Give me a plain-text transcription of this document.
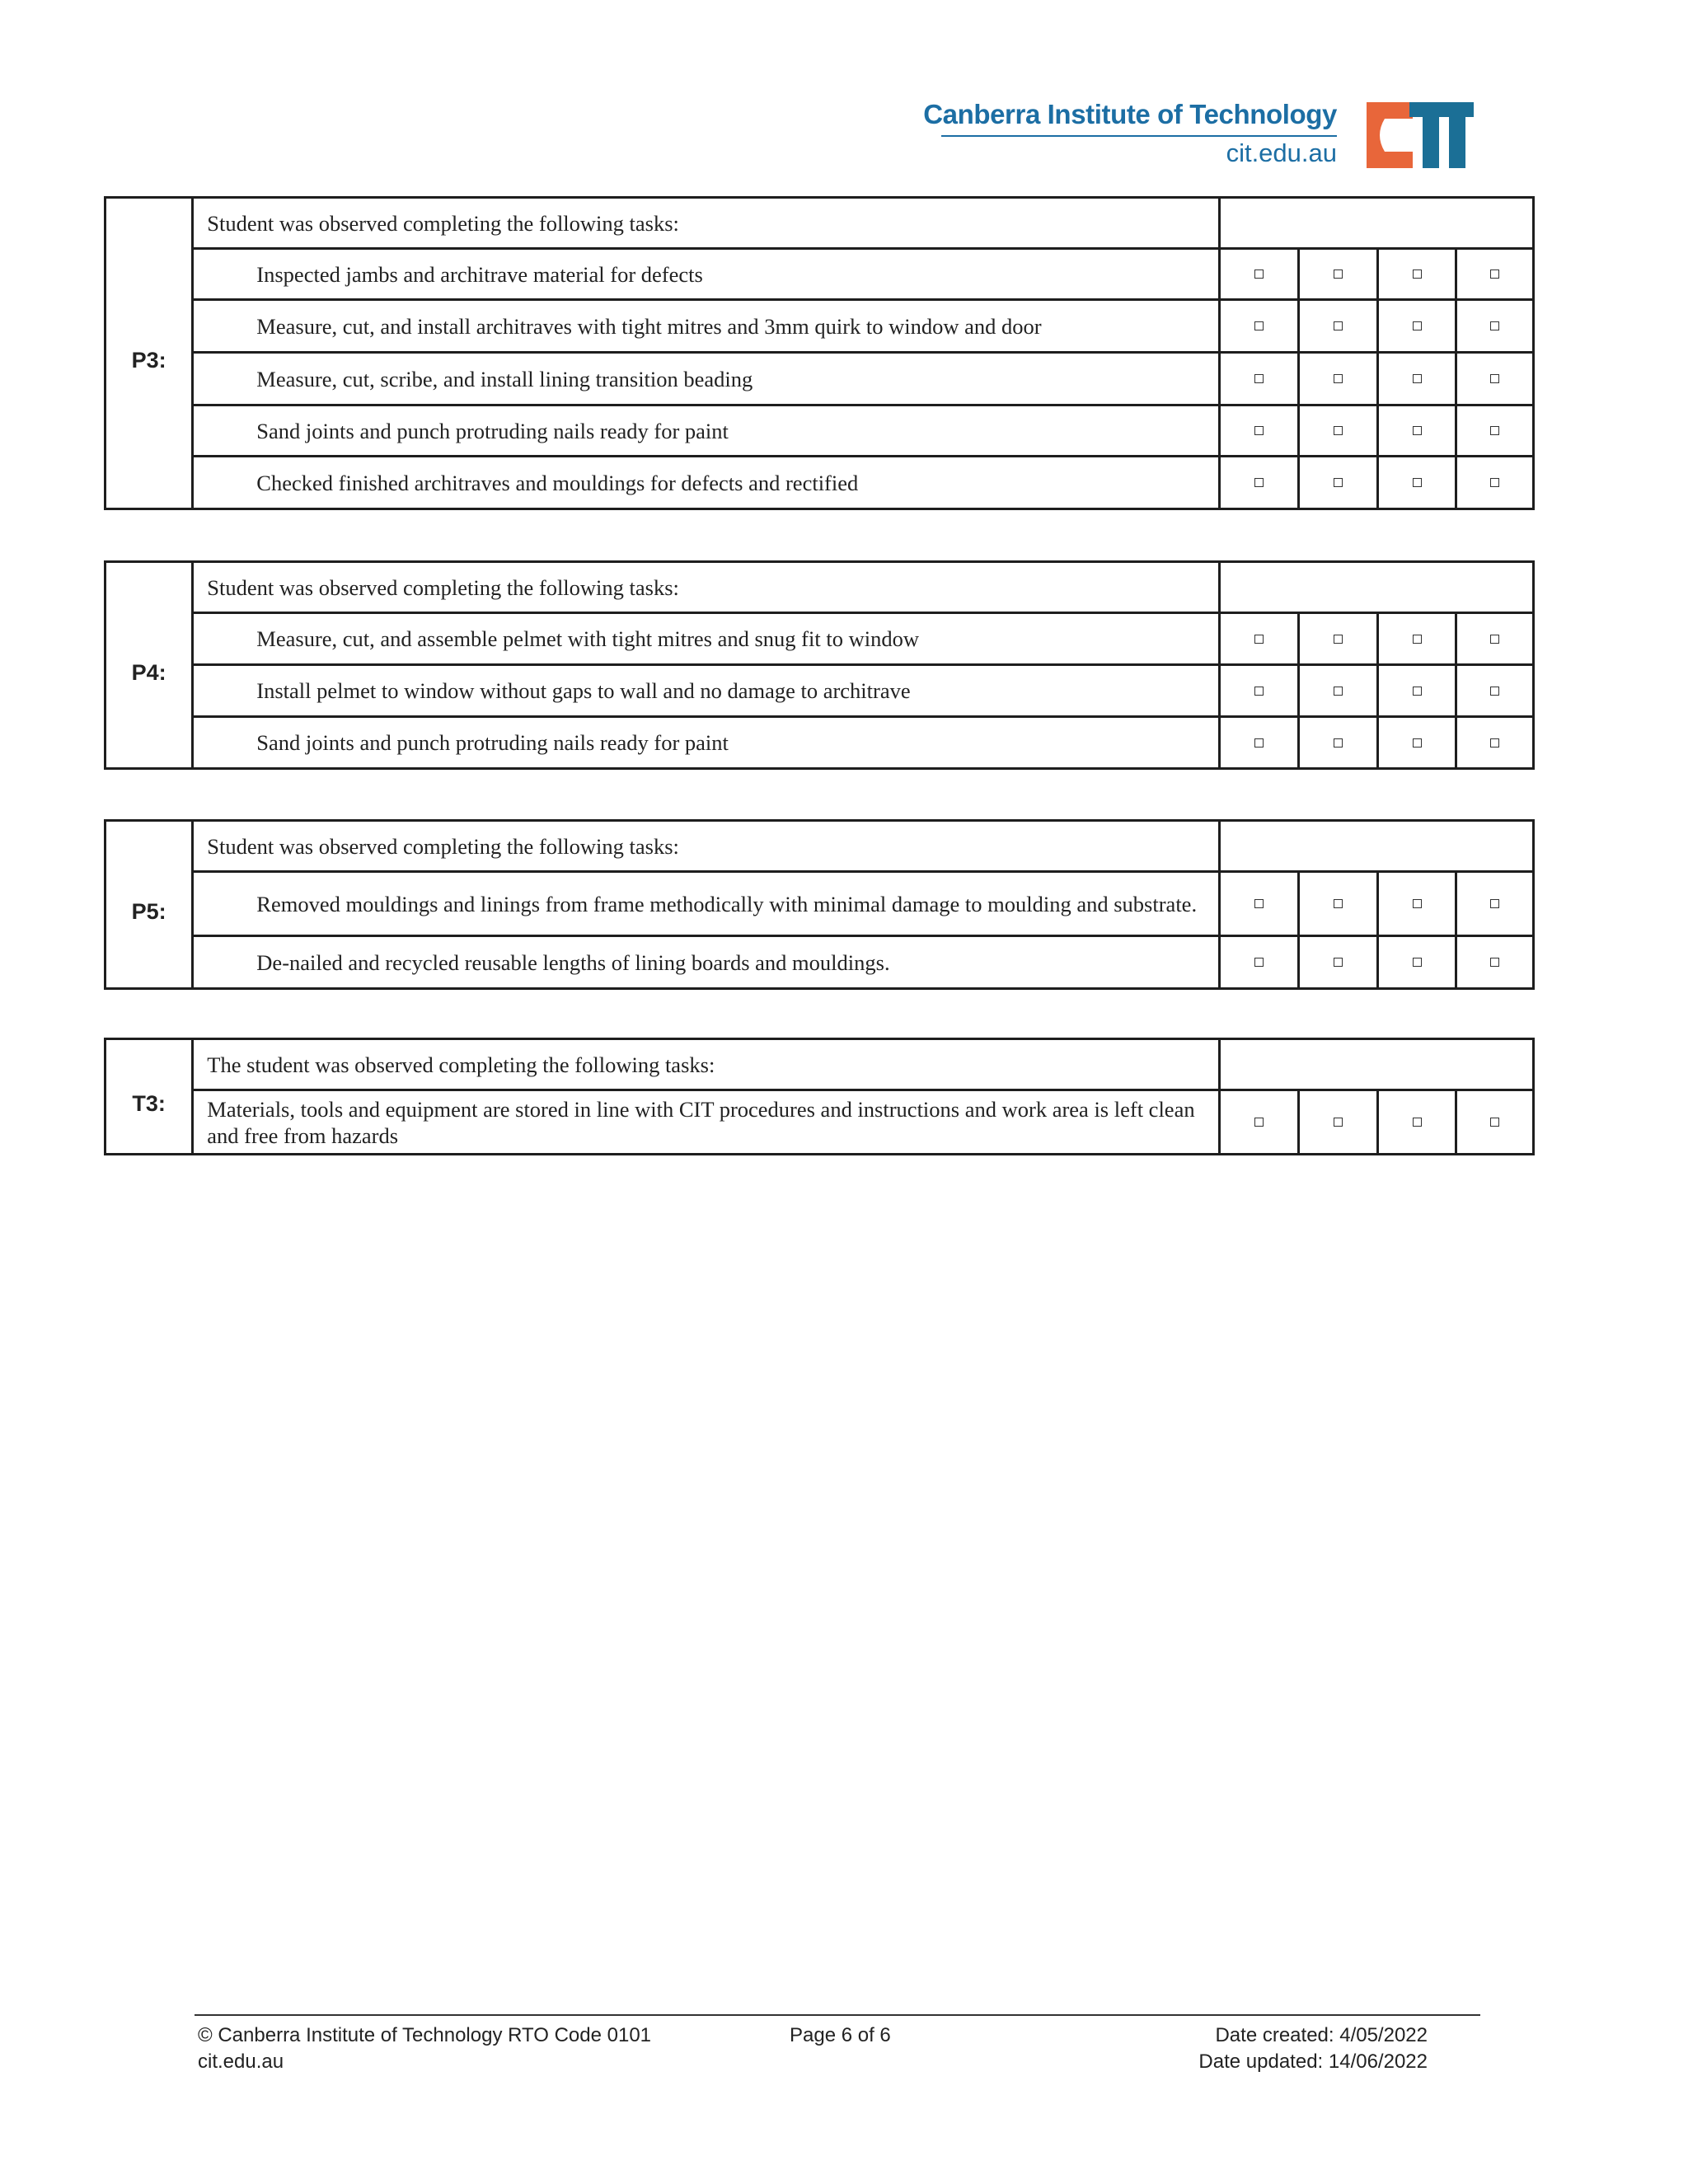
Canberra Institute of Technology
cit.edu.au
P3:	Student was observed completing the following tasks:				
	Inspected jambs and architrave material for defects				
	Measure, cut, and install architraves with tight mitres and 3mm quirk to window and door				
	Measure, cut, scribe, and install lining transition beading				
	Sand joints and punch protruding nails ready for paint				
	Checked finished architraves and mouldings for defects and rectified				
P4:	Student was observed completing the following tasks:				
	Measure, cut, and assemble pelmet with tight mitres and snug fit to window				
	Install pelmet to window without gaps to wall and no damage to architrave				
	Sand joints and punch protruding nails ready for paint				
P5:	Student was observed completing the following tasks:				
	Removed mouldings and linings from frame methodically with minimal damage to moulding and substrate.				
	De-nailed and recycled reusable lengths of lining boards and mouldings.				
T3:	The student was observed completing the following tasks:				
	Materials, tools and equipment are stored in line with CIT procedures and instructions and work area is left clean and free from hazards				
© Canberra Institute of Technology RTO Code 0101
cit.edu.au
Page 6 of 6	Date created: 4/05/2022
Date updated: 14/06/2022
